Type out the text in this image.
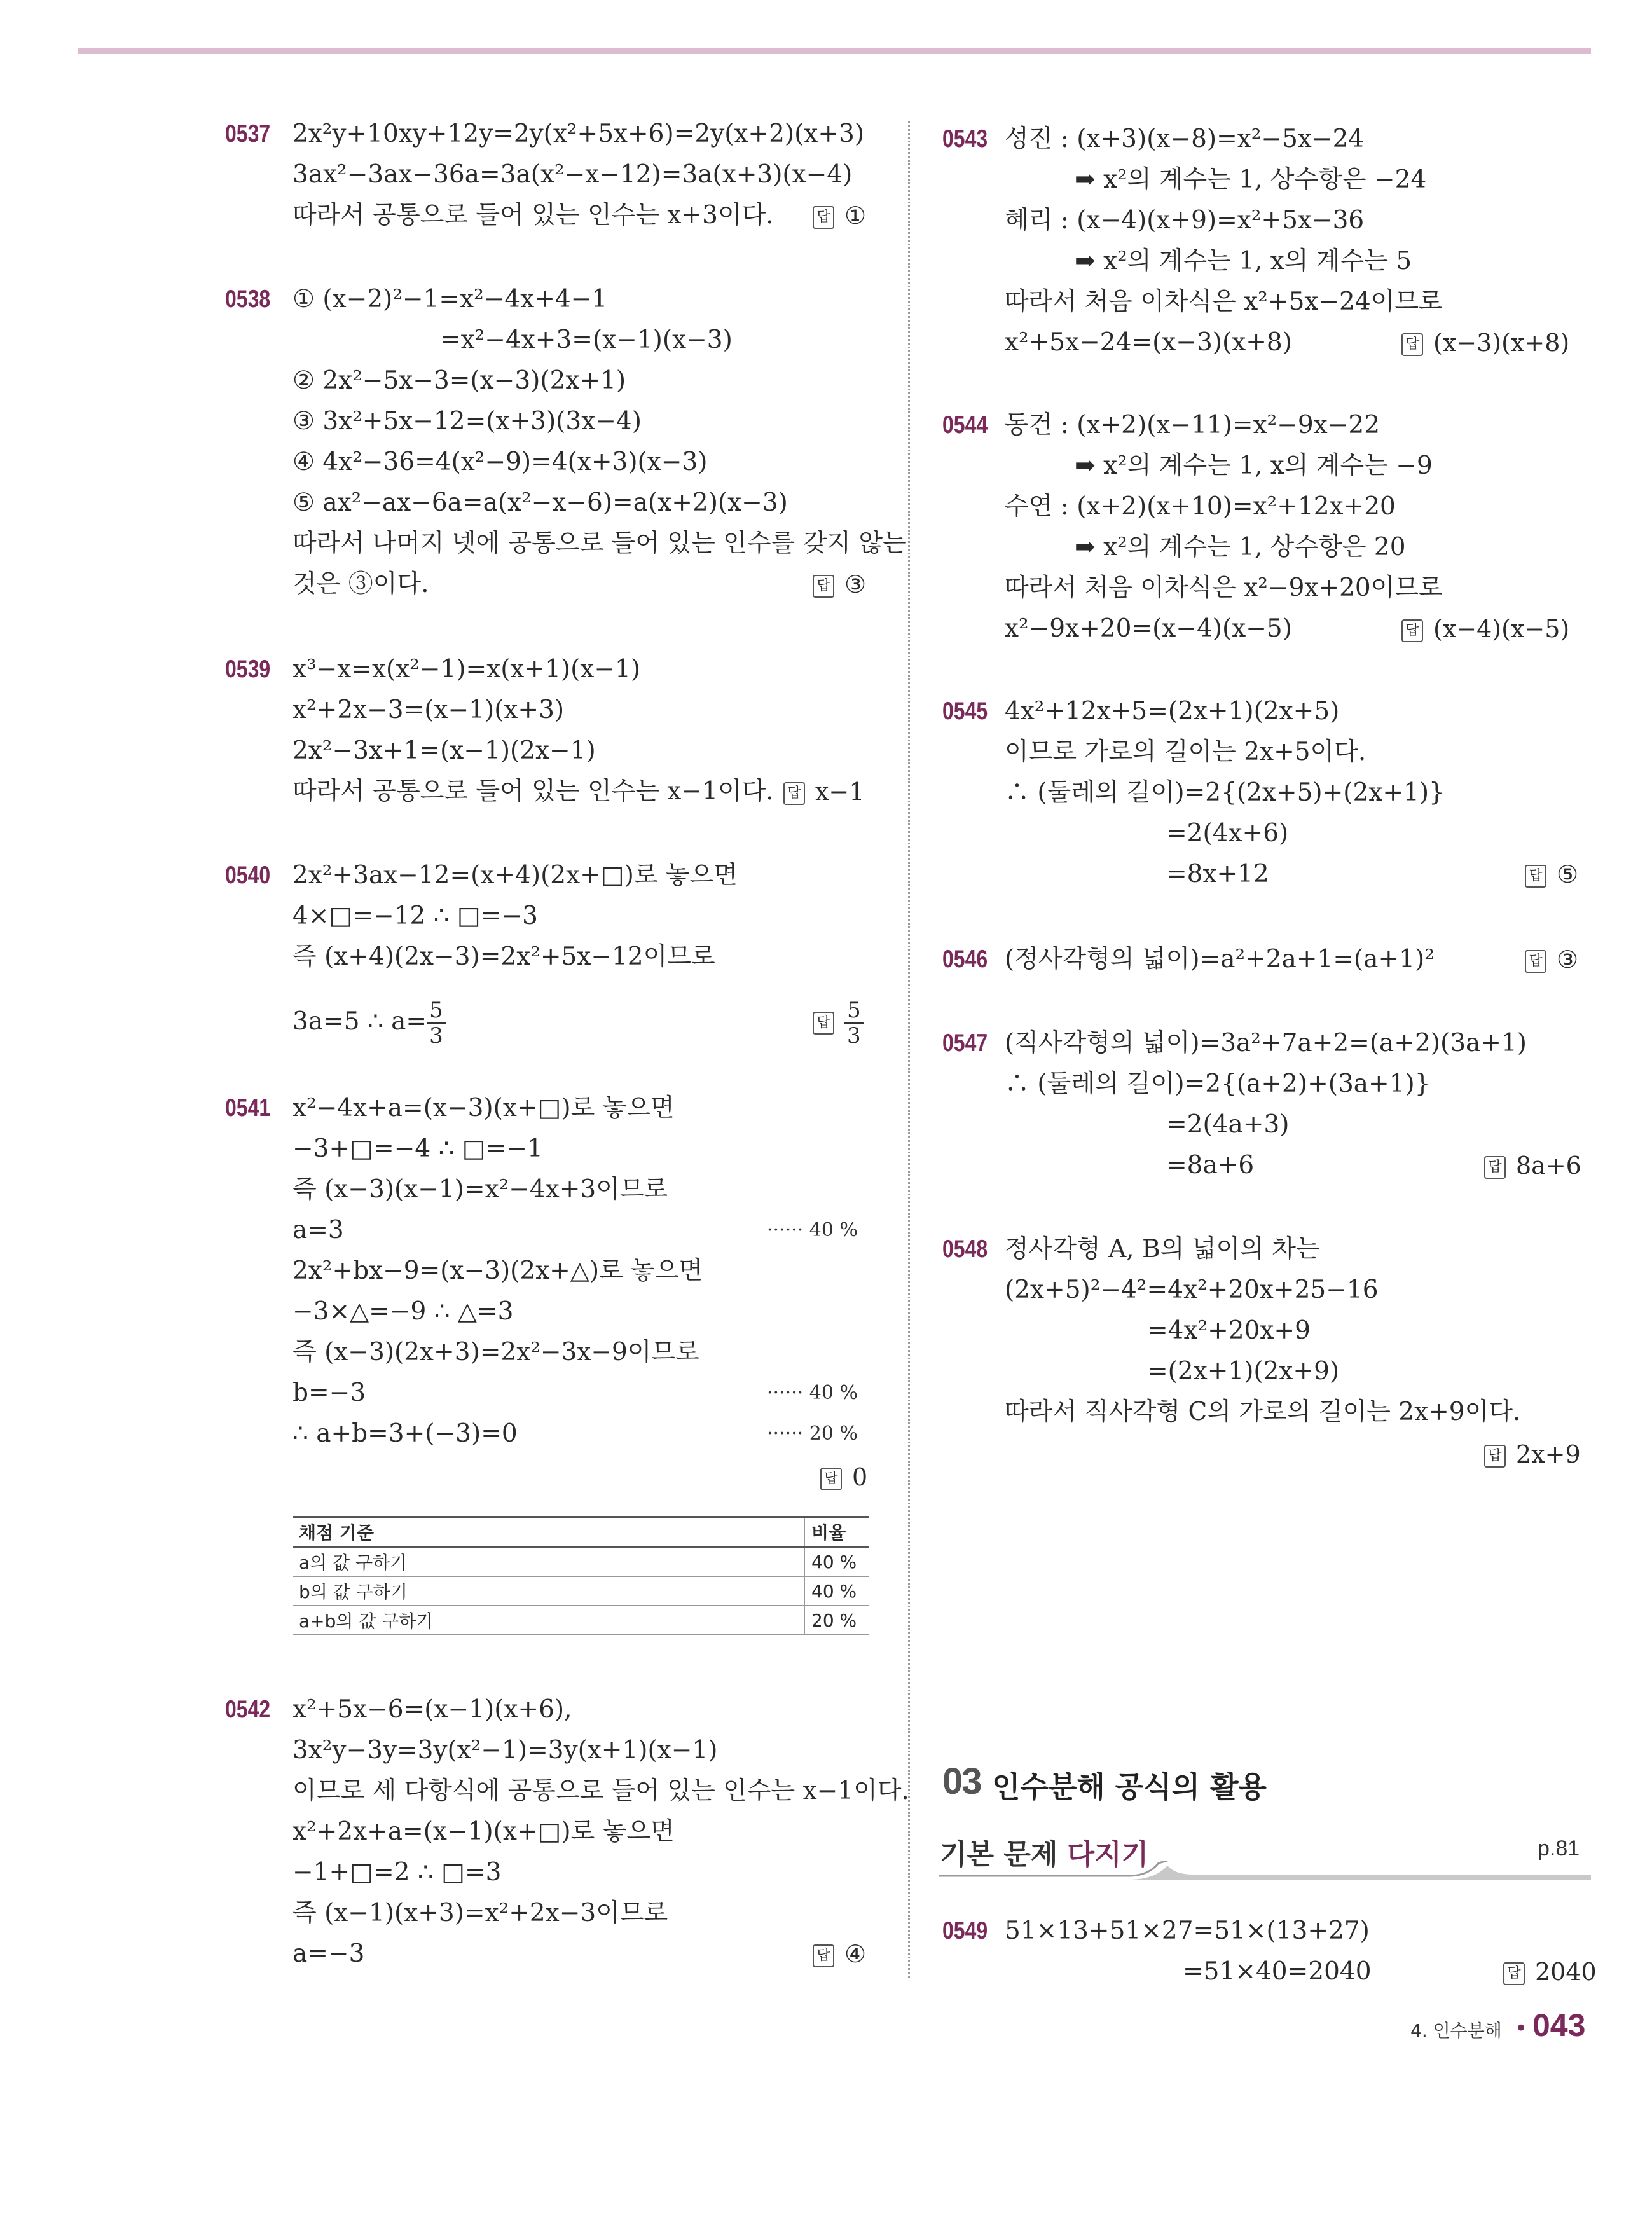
0537 2x²y+10xy+12y=2y(x²+5x+6)=2y(x+2)(x+3)
3ax²−3ax−36a=3a(x²−x−12)=3a(x+3)(x−4)
따라서 공통으로 들어 있는 인수는 x+3이다.	답 ①
0538 ① (x−2)²−1=x²−4x+4−1
=x²−4x+3=(x−1)(x−3)
② 2x²−5x−3=(x−3)(2x+1)
③ 3x²+5x−12=(x+3)(3x−4)
④ 4x²−36=4(x²−9)=4(x+3)(x−3)
⑤ ax²−ax−6a=a(x²−x−6)=a(x+2)(x−3)
따라서 나머지 넷에 공통으로 들어 있는 인수를 갖지 않는
것은 ③이다.	답 ③
0539 x³−x=x(x²−1)=x(x+1)(x−1)
x²+2x−3=(x−1)(x+3)
2x²−3x+1=(x−1)(2x−1)
따라서 공통으로 들어 있는 인수는 x−1이다. 답 x−1
0540 2x²+3ax−12=(x+4)(2x+□)로 놓으면
4×□=−12 ∴ □=−3
즉 (x+4)(2x−3)=2x²+5x−12이므로
3a=5 ∴ $a= \frac{5}{3}$	답 $\frac{5}{3}$
0541 x²−4x+a=(x−3)(x+□)로 놓으면
−3+□=−4 ∴ □=−1
즉 (x−3)(x−1)=x²−4x+3이므로
a=3	······ 40 %
2x²+bx−9=(x−3)(2x+△)로 놓으면
−3×△=−9 ∴ △=3
즉 (x−3)(2x+3)=2x²−3x−9이므로
b=−3	······ 40 %
∴ a+b=3+(−3)=0	······ 20 %
답 0
채점 기준	비율
a의 값 구하기	40 %
b의 값 구하기	40 %
a+b의 값 구하기	20 %
0542 x²+5x−6=(x−1)(x+6),
3x²y−3y=3y(x²−1)=3y(x+1)(x−1)
이므로 세 다항식에 공통으로 들어 있는 인수는 x−1이다.
x²+2x+a=(x−1)(x+□)로 놓으면
−1+□=2 ∴ □=3
즉 (x−1)(x+3)=x²+2x−3이므로
a=−3	답 ④
0543 성진 : (x+3)(x−8)=x²−5x−24
➡ x²의 계수는 1, 상수항은 −24
혜리 : (x−4)(x+9)=x²+5x−36
➡ x²의 계수는 1, x의 계수는 5
따라서 처음 이차식은 x²+5x−24이므로
x²+5x−24=(x−3)(x+8)	답 (x−3)(x+8)
0544 동건 : (x+2)(x−11)=x²−9x−22
➡ x²의 계수는 1, x의 계수는 −9
수연 : (x+2)(x+10)=x²+12x+20
➡ x²의 계수는 1, 상수항은 20
따라서 처음 이차식은 x²−9x+20이므로
x²−9x+20=(x−4)(x−5)	답 (x−4)(x−5)
0545 4x²+12x+5=(2x+1)(2x+5)
이므로 가로의 길이는 2x+5이다.
∴ (둘레의 길이)=2{(2x+5)+(2x+1)}
=2(4x+6)
=8x+12	답 ⑤
0546 (정사각형의 넓이)=a²+2a+1=(a+1)²	답 ③
0547 (직사각형의 넓이)=3a²+7a+2=(a+2)(3a+1)
∴ (둘레의 길이)=2{(a+2)+(3a+1)}
=2(4a+3)
=8a+6	답 8a+6
0548 정사각형 A, B의 넓이의 차는
(2x+5)²−4²=4x²+20x+25−16
=4x²+20x+9
=(2x+1)(2x+9)
따라서 직사각형 C의 가로의 길이는 2x+9이다.
답 2x+9
03 인수분해 공식의 활용
기본 문제 다지기	p.81
0549 51×13+51×27=51×(13+27)
=51×40=2040	답 2040
4. 인수분해 • 043
